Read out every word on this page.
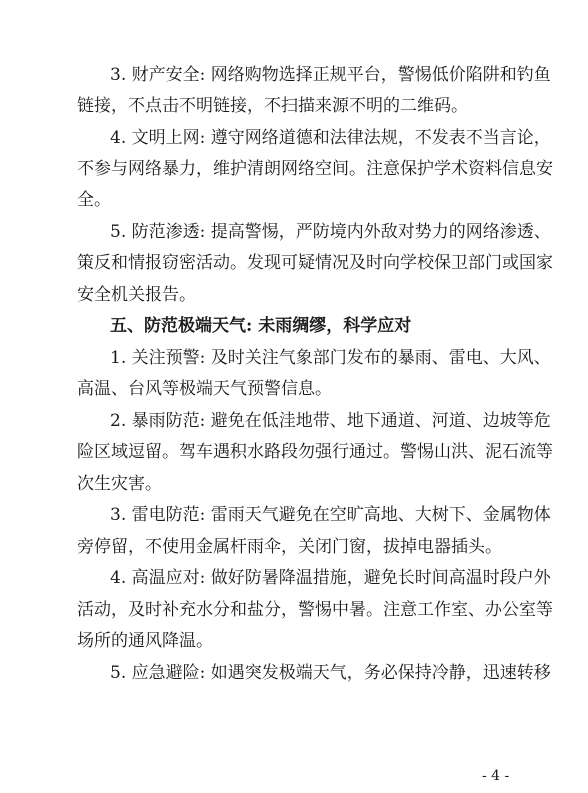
3. 财产安全: 网络购物选择正规平台，警惕低价陷阱和钓鱼
链接，不点击不明链接，不扫描来源不明的二维码。
4. 文明上网: 遵守网络道德和法律法规，不发表不当言论，
不参与网络暴力，维护清朗网络空间。注意保护学术资料信息安
全。
5. 防范渗透: 提高警惕，严防境内外敌对势力的网络渗透、
策反和情报窃密活动。发现可疑情况及时向学校保卫部门或国家
安全机关报告。
五、防范极端天气: 未雨绸缪，科学应对
1. 关注预警: 及时关注气象部门发布的暴雨、雷电、大风、
高温、台风等极端天气预警信息。
2. 暴雨防范: 避免在低洼地带、地下通道、河道、边坡等危
险区域逗留。驾车遇积水路段勿强行通过。警惕山洪、泥石流等
次生灾害。
3. 雷电防范: 雷雨天气避免在空旷高地、大树下、金属物体
旁停留，不使用金属杆雨伞，关闭门窗，拔掉电器插头。
4. 高温应对: 做好防暑降温措施，避免长时间高温时段户外
活动，及时补充水分和盐分，警惕中暑。注意工作室、办公室等
场所的通风降温。
5. 应急避险: 如遇突发极端天气，务必保持冷静，迅速转移
- 4 -
